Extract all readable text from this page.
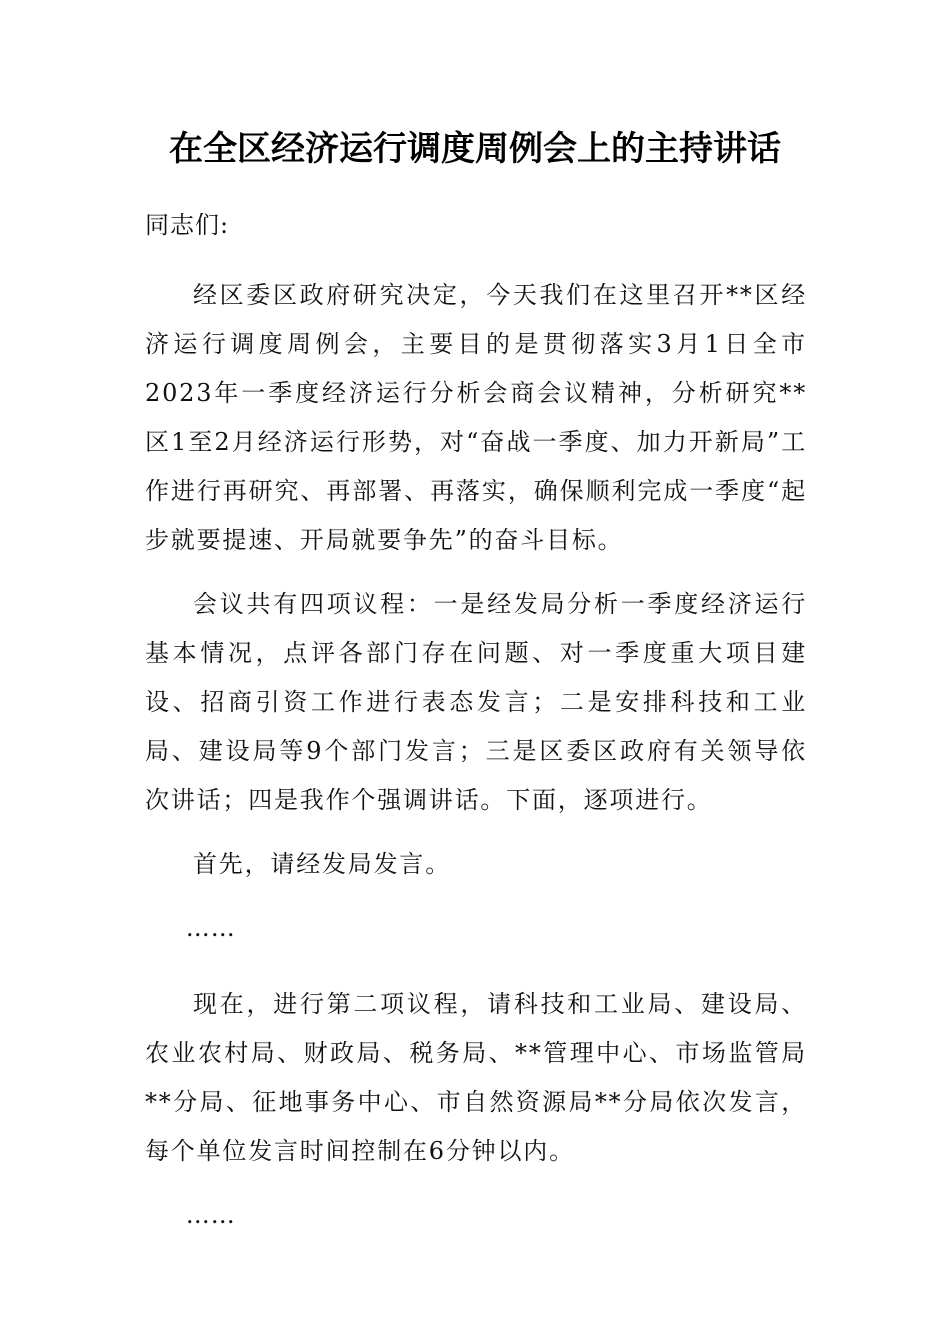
在全区经济运行调度周例会上的主持讲话

同志们:

经区委区政府研究决定，今天我们在这里召开**区经济运行调度周例会，主要目的是贯彻落实3月1日全市2023年一季度经济运行分析会商会议精神，分析研究**区1至2月经济运行形势，对“奋战一季度、加力开新局”工作进行再研究、再部署、再落实，确保顺利完成一季度“起步就要提速、开局就要争先”的奋斗目标。

会议共有四项议程：一是经发局分析一季度经济运行基本情况，点评各部门存在问题、对一季度重大项目建设、招商引资工作进行表态发言；二是安排科技和工业局、建设局等9个部门发言；三是区委区政府有关领导依次讲话；四是我作个强调讲话。下面，逐项进行。

首先，请经发局发言。

……

现在，进行第二项议程，请科技和工业局、建设局、农业农村局、财政局、税务局、**管理中心、市场监管局**分局、征地事务中心、市自然资源局**分局依次发言，每个单位发言时间控制在6分钟以内。

……
